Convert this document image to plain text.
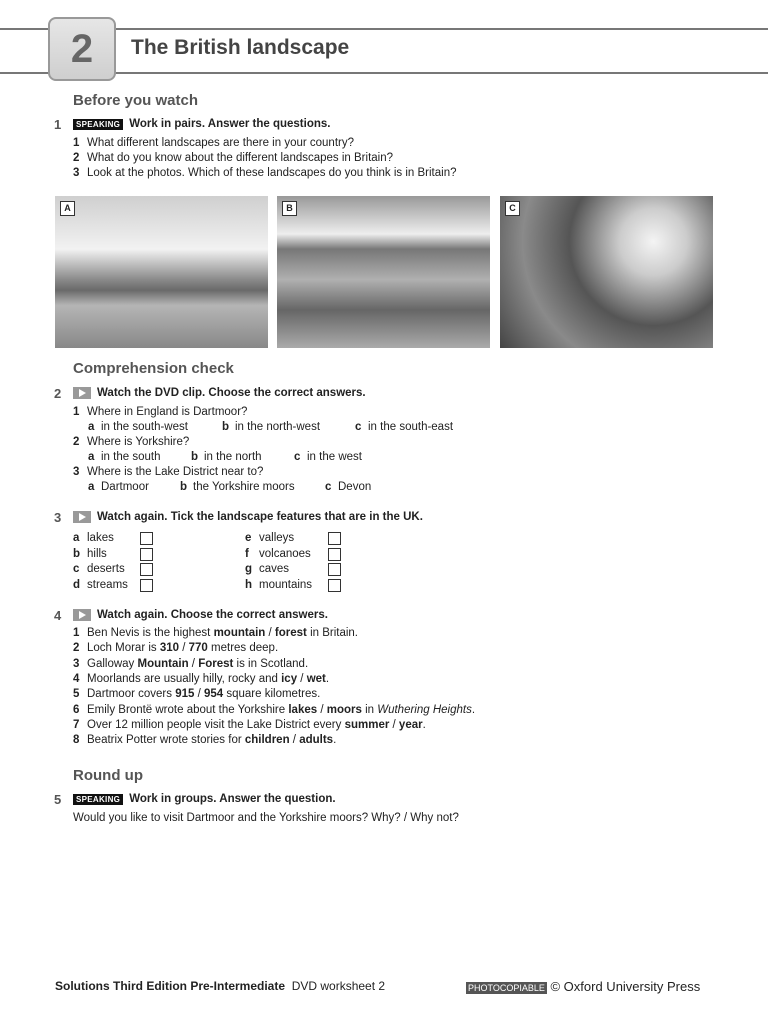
2	The British landscape
Before you watch
1	SPEAKING Work in pairs. Answer the questions.
A	B	C
Comprehension check
2	Watch the DVD clip. Choose the correct answers.
3	Watch again. Tick the landscape features that are in the UK.
4	Watch again. Choose the correct answers.
Round up
5	SPEAKING Work in groups. Answer the question.
Would you like to visit Dartmoor and the Yorkshire moors? Why? / Why not?
Solutions Third Edition Pre-Intermediate DVD worksheet 2	PHOTOCOPIABLE © Oxford University Press
1 What different landscapes are there in your country?
2 What do you know about the different landscapes in Britain?
3 Look at the photos. Which of these landscapes do you think is in Britain?
1 Where in England is Dartmoor?
a in the south-west	b in the north-west	c in the south-east
2 Where is Yorkshire?
a in the south	b in the north	c in the west
3 Where is the Lake District near to?
a Dartmoor	b the Yorkshire moors	c Devon
a lakes
b hills
c deserts
d streams
e valleys
f volcanoes
g caves
h mountains
1 Ben Nevis is the highest mountain / forest in Britain.
2 Loch Morar is 310 / 770 metres deep.
3 Galloway Mountain / Forest is in Scotland.
4 Moorlands are usually hilly, rocky and icy / wet.
5 Dartmoor covers 915 / 954 square kilometres.
6 Emily Brontë wrote about the Yorkshire lakes / moors in Wuthering Heights.
7 Over 12 million people visit the Lake District every summer / year.
8 Beatrix Potter wrote stories for children / adults.
